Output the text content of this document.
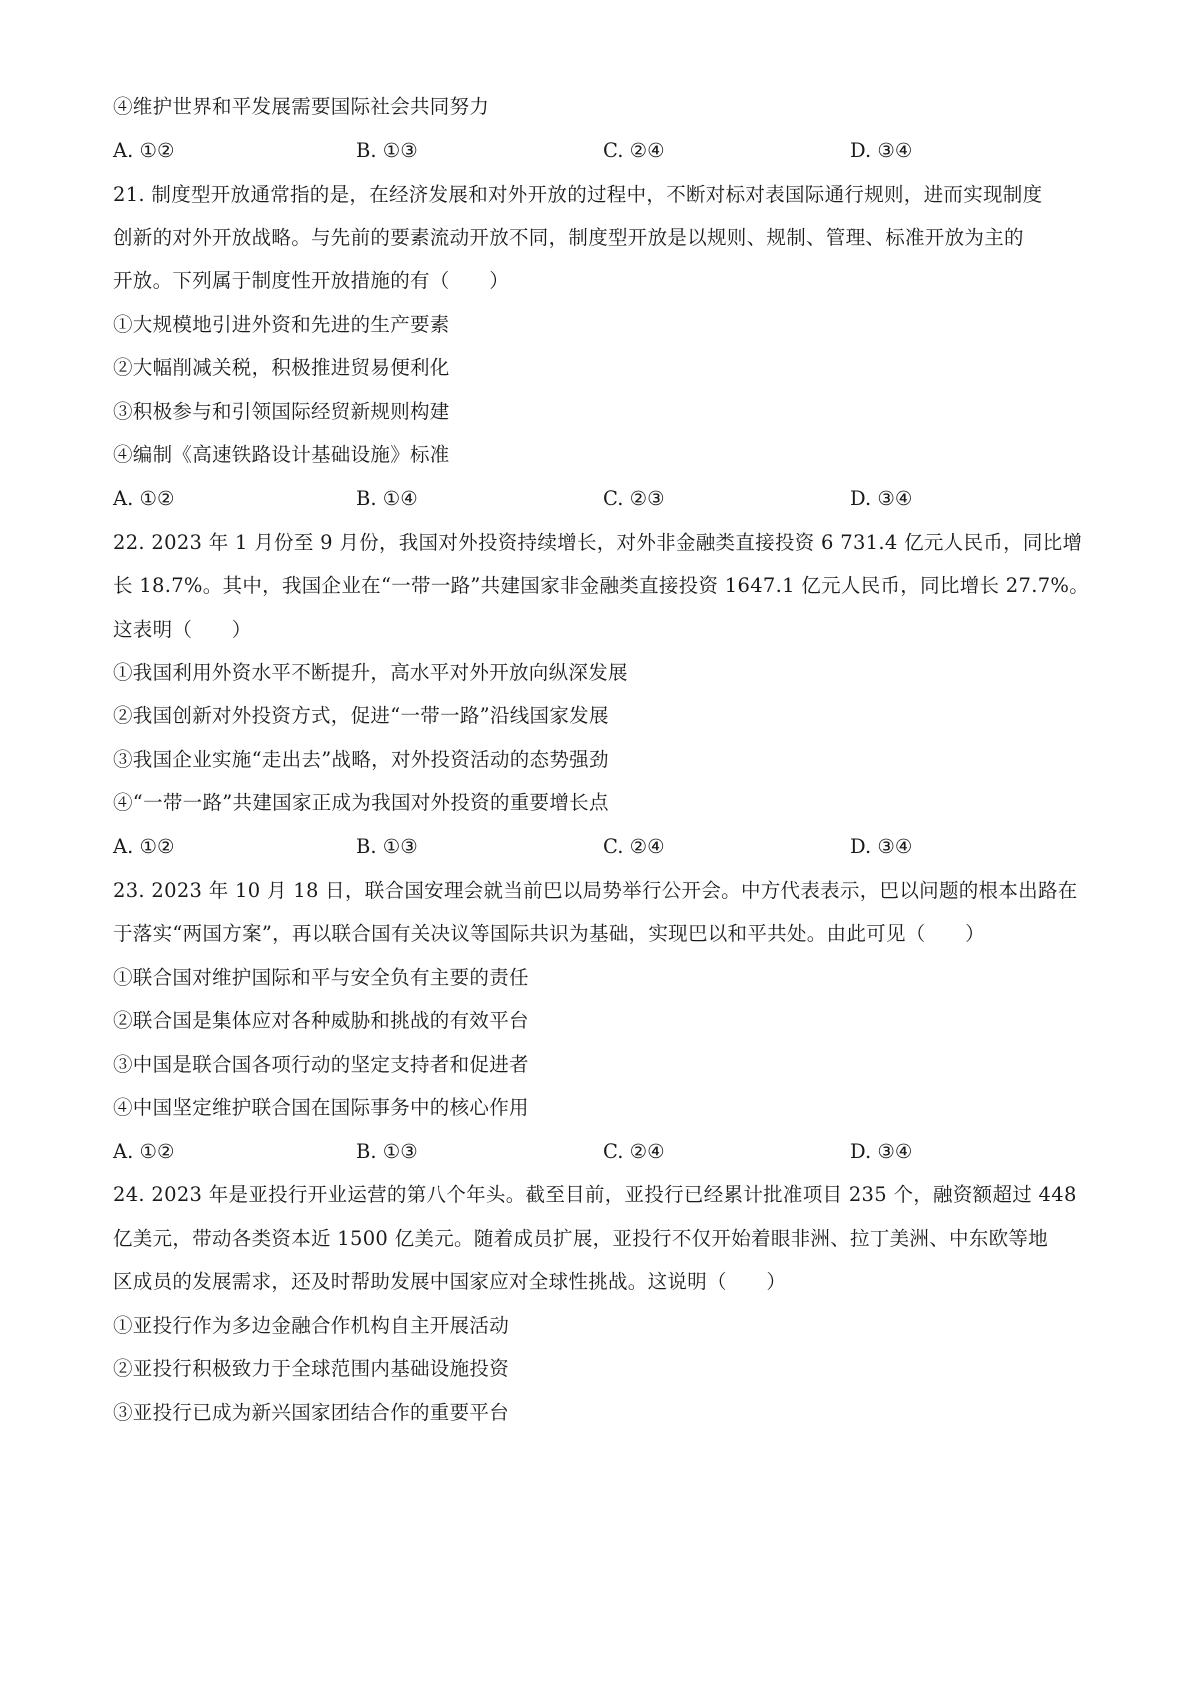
④维护世界和平发展需要国际社会共同努力
A. ①②	B. ①③	C. ②④	D. ③④
21. 制度型开放通常指的是，在经济发展和对外开放的过程中，不断对标对表国际通行规则，进而实现制度
创新的对外开放战略。与先前的要素流动开放不同，制度型开放是以规则、规制、管理、标准开放为主的
开放。下列属于制度性开放措施的有（　　）
①大规模地引进外资和先进的生产要素
②大幅削减关税，积极推进贸易便利化
③积极参与和引领国际经贸新规则构建
④编制《高速铁路设计基础设施》标准
A. ①②	B. ①④	C. ②③	D. ③④
22. 2023 年 1 月份至 9 月份，我国对外投资持续增长，对外非金融类直接投资 6 731.4 亿元人民币，同比增
长 18.7%。其中，我国企业在“一带一路”共建国家非金融类直接投资 1647.1 亿元人民币，同比增长 27.7%。
这表明（　　）
①我国利用外资水平不断提升，高水平对外开放向纵深发展
②我国创新对外投资方式，促进“一带一路”沿线国家发展
③我国企业实施“走出去”战略，对外投资活动的态势强劲
④“一带一路”共建国家正成为我国对外投资的重要增长点
A. ①②	B. ①③	C. ②④	D. ③④
23. 2023 年 10 月 18 日，联合国安理会就当前巴以局势举行公开会。中方代表表示，巴以问题的根本出路在
于落实“两国方案”，再以联合国有关决议等国际共识为基础，实现巴以和平共处。由此可见（　　）
①联合国对维护国际和平与安全负有主要的责任
②联合国是集体应对各种威胁和挑战的有效平台
③中国是联合国各项行动的坚定支持者和促进者
④中国坚定维护联合国在国际事务中的核心作用
A. ①②	B. ①③	C. ②④	D. ③④
24. 2023 年是亚投行开业运营的第八个年头。截至目前，亚投行已经累计批准项目 235 个，融资额超过 448
亿美元，带动各类资本近 1500 亿美元。随着成员扩展，亚投行不仅开始着眼非洲、拉丁美洲、中东欧等地
区成员的发展需求，还及时帮助发展中国家应对全球性挑战。这说明（　　）
①亚投行作为多边金融合作机构自主开展活动
②亚投行积极致力于全球范围内基础设施投资
③亚投行已成为新兴国家团结合作的重要平台
